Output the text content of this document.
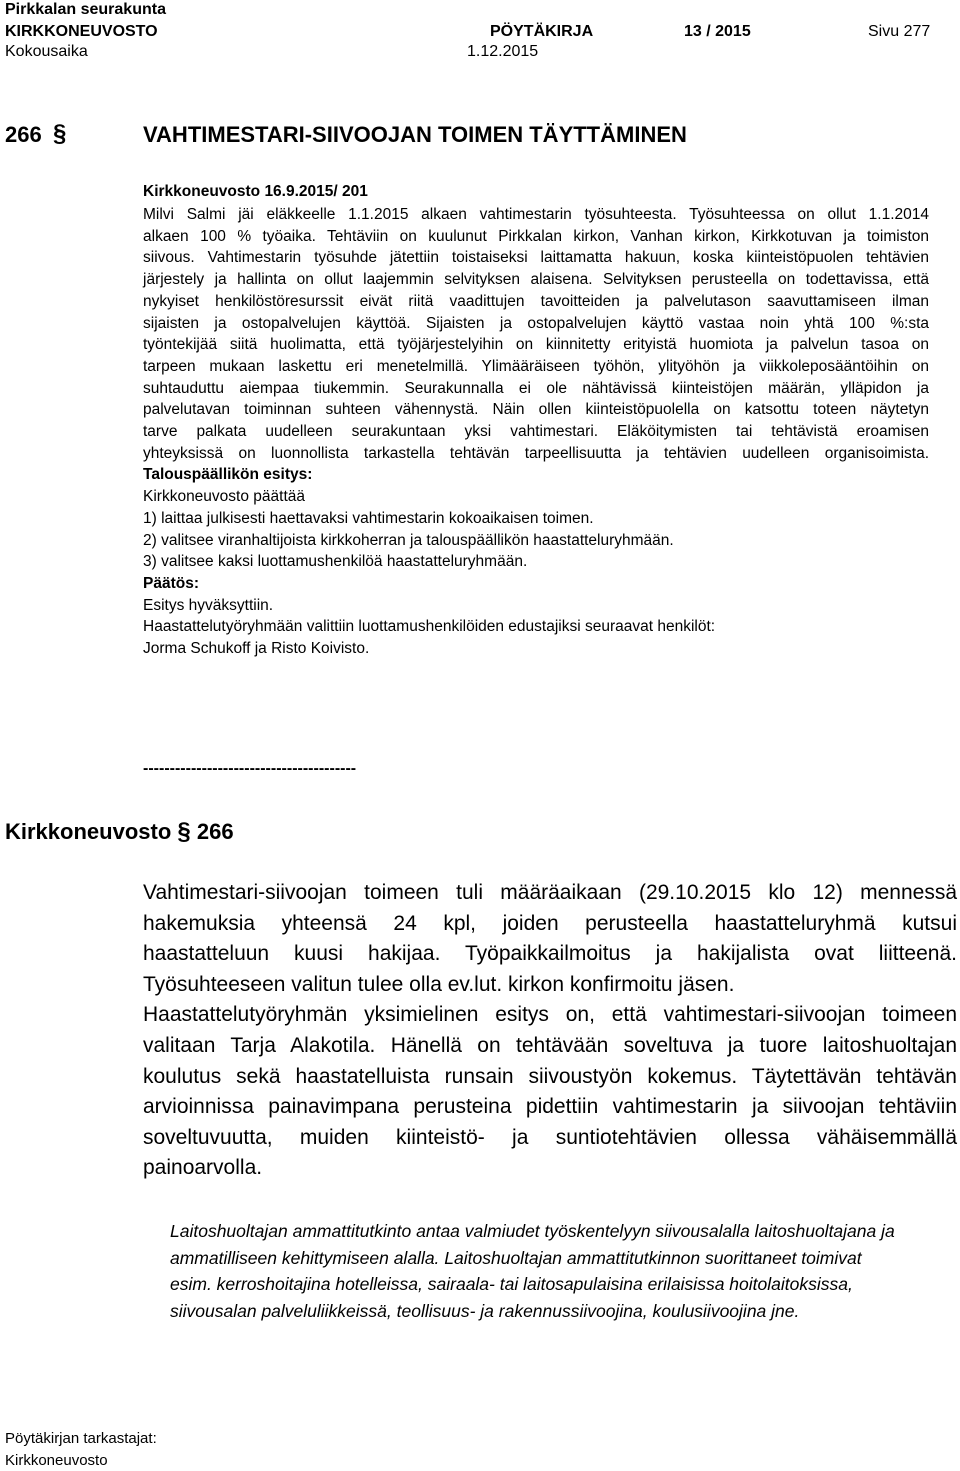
Pirkkalan seurakunta
KIRKKONEUVOSTO	PÖYTÄKIRJA	13 / 2015	Sivu 277
Kokousaika	1.12.2015
266 §	VAHTIMESTARI-SIIVOOJAN TOIMEN TÄYTTÄMINEN
Kirkkoneuvosto 16.9.2015/ 201
Milvi Salmi jäi eläkkeelle 1.1.2015 alkaen vahtimestarin työsuhteesta. Työsuhteessa on ollut 1.1.2014
alkaen 100 % työaika. Tehtäviin on kuulunut Pirkkalan kirkon, Vanhan kirkon, Kirkkotuvan ja toimiston
siivous. Vahtimestarin työsuhde jätettiin toistaiseksi laittamatta hakuun, koska kiinteistöpuolen tehtävien
järjestely ja hallinta on ollut laajemmin selvityksen alaisena. Selvityksen perusteella on todettavissa, että
nykyiset henkilöstöresurssit eivät riitä vaadittujen tavoitteiden ja palvelutason saavuttamiseen ilman
sijaisten ja ostopalvelujen käyttöä. Sijaisten ja ostopalvelujen käyttö vastaa noin yhtä 100 %:sta
työntekijää siitä huolimatta, että työjärjestelyihin on kiinnitetty erityistä huomiota ja palvelun tasoa on
tarpeen mukaan laskettu eri menetelmillä. Ylimääräiseen työhön, ylityöhön ja viikkoleposääntöihin on
suhtauduttu aiempaa tiukemmin. Seurakunnalla ei ole nähtävissä kiinteistöjen määrän, ylläpidon ja
palvelutavan toiminnan suhteen vähennystä. Näin ollen kiinteistöpuolella on katsottu toteen näytetyn
tarve palkata uudelleen seurakuntaan yksi vahtimestari. Eläköitymisten tai tehtävistä eroamisen
yhteyksissä on luonnollista tarkastella tehtävän tarpeellisuutta ja tehtävien uudelleen organisoimista.
Talouspäällikön esitys:
Kirkkoneuvosto päättää
1) laittaa julkisesti haettavaksi vahtimestarin kokoaikaisen toimen.
2) valitsee viranhaltijoista kirkkoherran ja talouspäällikön haastatteluryhmään.
3) valitsee kaksi luottamushenkilöä haastatteluryhmään.
Päätös:
Esitys hyväksyttiin.
Haastattelutyöryhmään valittiin luottamushenkilöiden edustajiksi seuraavat henkilöt:
Jorma Schukoff ja Risto Koivisto.
----------------------------------------
Kirkkoneuvosto § 266
Vahtimestari-siivoojan toimeen tuli määräaikaan (29.10.2015 klo 12) mennessä
hakemuksia yhteensä 24 kpl, joiden perusteella haastatteluryhmä kutsui
haastatteluun kuusi hakijaa. Työpaikkailmoitus ja hakijalista ovat liitteenä.
Työsuhteeseen valitun tulee olla ev.lut. kirkon konfirmoitu jäsen.
Haastattelutyöryhmän yksimielinen esitys on, että vahtimestari-siivoojan toimeen
valitaan Tarja Alakotila. Hänellä on tehtävään soveltuva ja tuore laitoshuoltajan
koulutus sekä haastatelluista runsain siivoustyön kokemus. Täytettävän tehtävän
arvioinnissa painavimpana perusteina pidettiin vahtimestarin ja siivoojan tehtäviin
soveltuvuutta, muiden kiinteistö- ja suntiotehtävien ollessa vähäisemmällä
painoarvolla.
Laitoshuoltajan ammattitutkinto antaa valmiudet työskentelyyn siivousalalla laitoshuoltajana ja
ammatilliseen kehittymiseen alalla. Laitoshuoltajan ammattitutkinnon suorittaneet toimivat
esim. kerroshoitajina hotelleissa, sairaala- tai laitosapulaisina erilaisissa hoitolaitoksissa,
siivousalan palveluliikkeissä, teollisuus- ja rakennussiivoojina, koulusiivoojina jne.
Pöytäkirjan tarkastajat:
Kirkkoneuvosto
